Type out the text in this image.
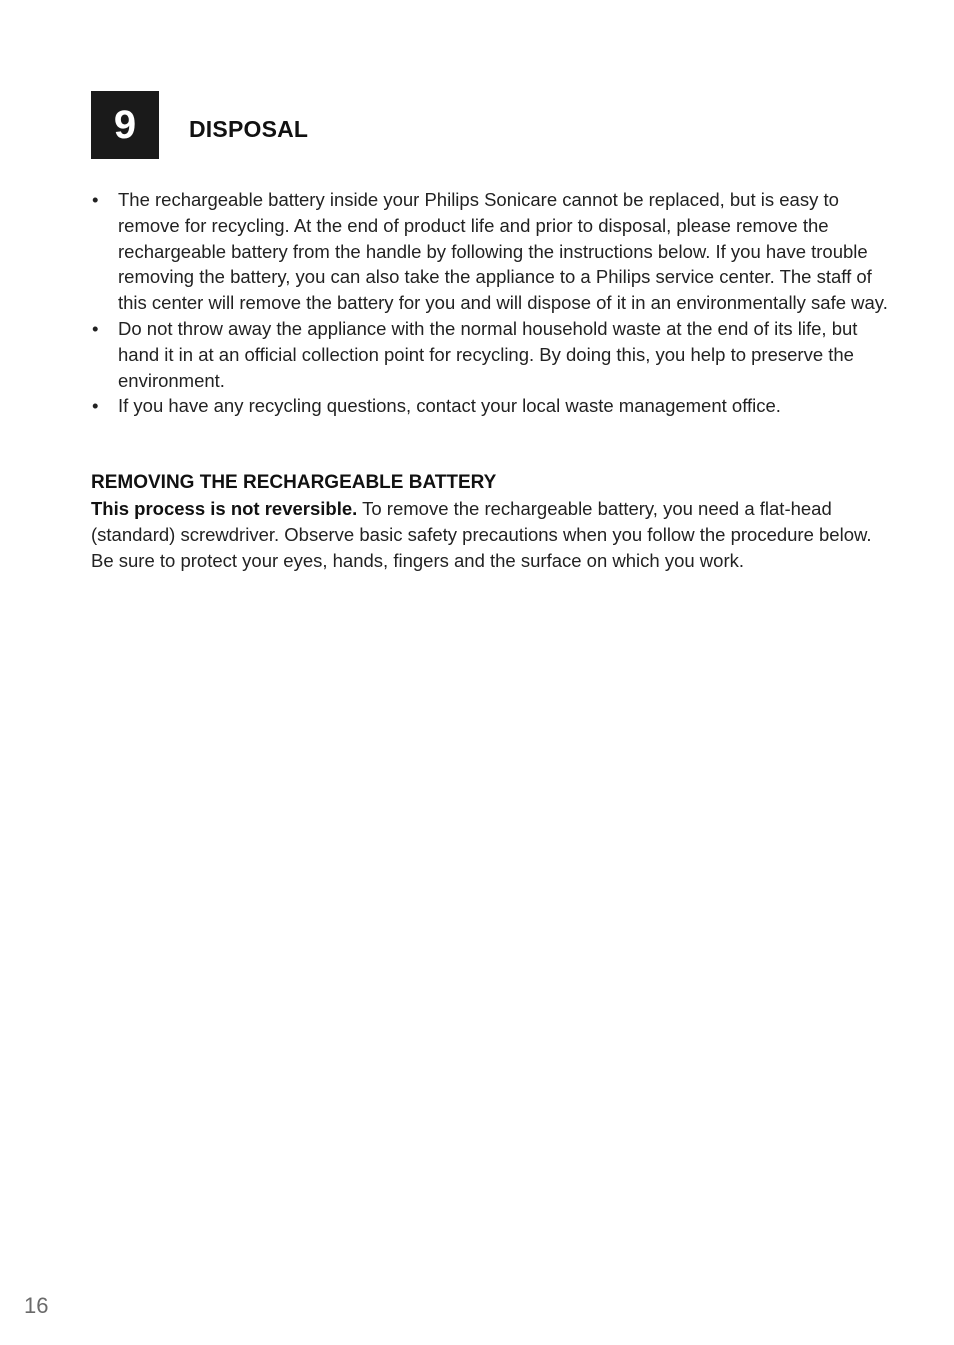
9 DISPOSAL
• The rechargeable battery inside your Philips Sonicare cannot be replaced, but is easy to remove for recycling. At the end of product life and prior to disposal, please remove the rechargeable battery from the handle by following the instructions below. If you have trouble removing the battery, you can also take the appliance to a Philips service center. The staff of this center will remove the battery for you and will dispose of it in an environmentally safe way.
• Do not throw away the appliance with the normal household waste at the end of its life, but hand it in at an official collection point for recycling. By doing this, you help to preserve the environment.
• If you have any recycling questions, contact your local waste management office.
REMOVING THE RECHARGEABLE BATTERY

This process is not reversible. To remove the rechargeable battery, you need a flat-head (standard) screwdriver. Observe basic safety precautions when you follow the procedure below. Be sure to protect your eyes, hands, fingers and the surface on which you work.

16
